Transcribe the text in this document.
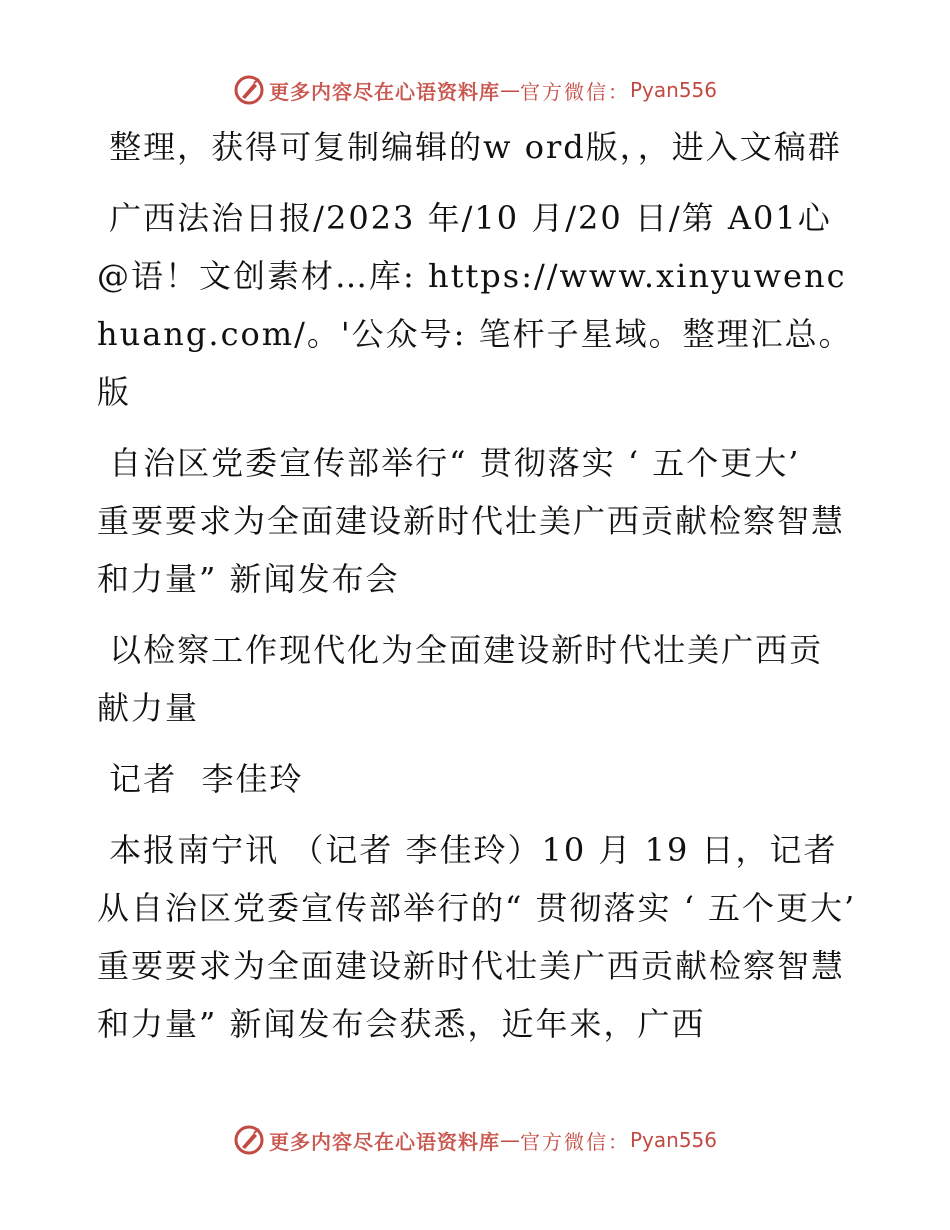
更多内容尽在心语资料库 — 官方微信： Pyan556

整理，获得可复制编辑的w ord版，，进入文稿群

广西法治日报/2023 年/10 月/20 日/第 A01心@语！文创素材…库: https://www.xinyuwenchuang.com/。'公众号: 笔杆子星域。整理汇总。 版

自治区党委宣传部举行“ 贯彻落实 ‘ 五个更大’  重要要求为全面建设新时代壮美广西贡献检察智慧和力量” 新闻发布会

以检察工作现代化为全面建设新时代壮美广西贡献力量

记者  李佳玲

本报南宁讯 （记者 李佳玲）10 月 19 日，记者从自治区党委宣传部举行的“ 贯彻落实 ‘ 五个更大’  重要要求为全面建设新时代壮美广西贡献检察智慧和力量” 新闻发布会获悉，近年来，广西

更多内容尽在心语资料库 — 官方微信： Pyan556
